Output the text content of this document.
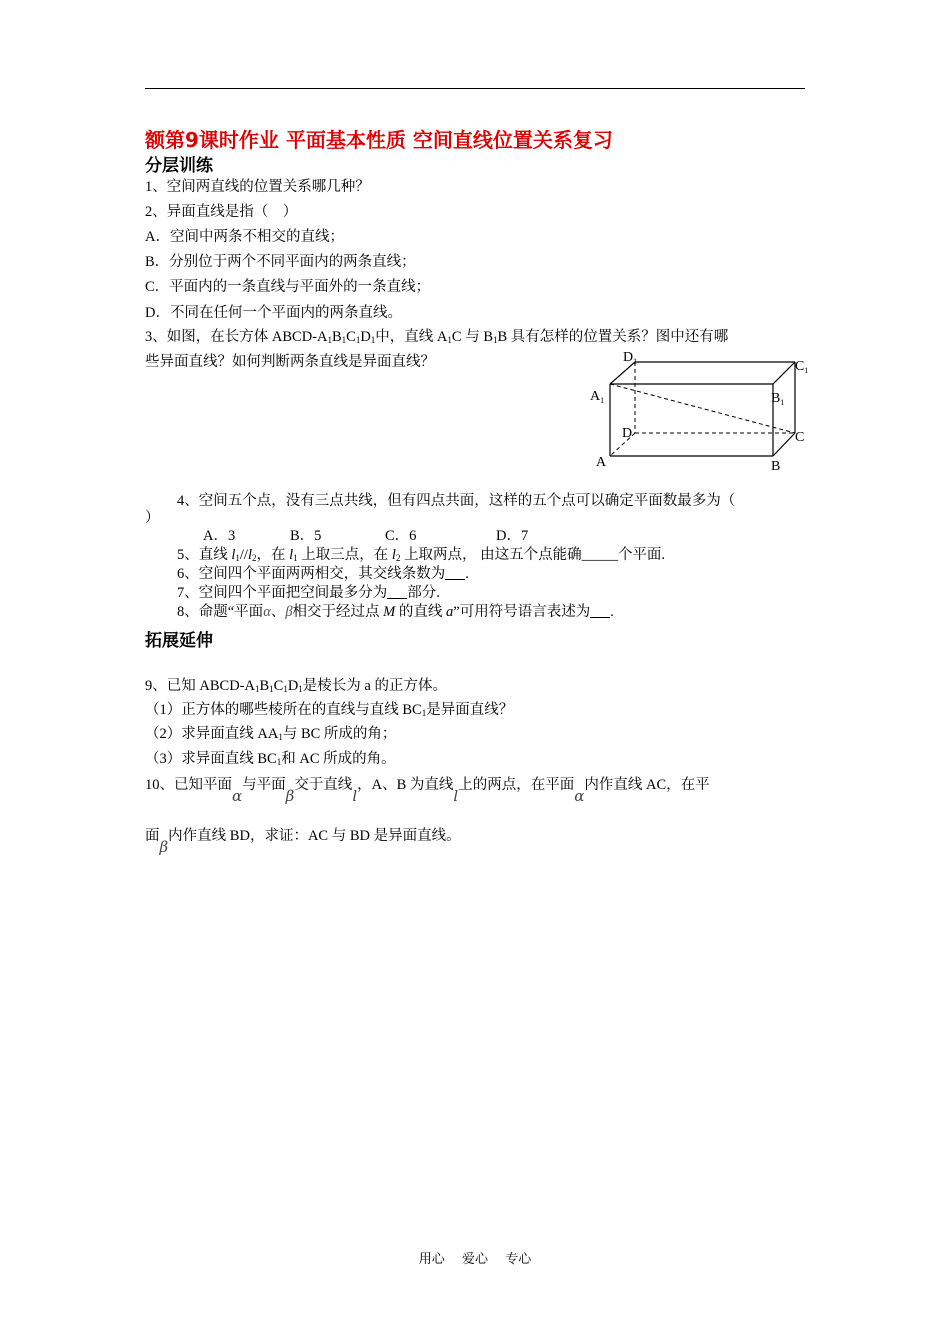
额第9课时作业 平面基本性质 空间直线位置关系复习
分层训练
1、空间两直线的位置关系哪几种？
2、异面直线是指（　）
A．空间中两条不相交的直线；
B．分别位于两个不同平面内的两条直线；
C．平面内的一条直线与平面外的一条直线；
D．不同在任何一个平面内的两条直线。
3、如图，在长方体 ABCD-$A_1B_1C_1D_1$中，直线 $A_1C$ 与 $B_1B$ 具有怎样的位置关系？图中还有哪
些异面直线？如何判断两条直线是异面直线？	$D_1$	$C_1$
$A_1$	$B_1$
D	C
A	B
4、空间五个点，没有三点共线，但有四点共面，这样的五个点可以确定平面数最多为（
）
A．3	B．5	C．6	D．7
5、直线 $l_1//l_2$，在 $l_1$ 上取三点，在 $l_2$ 上取两点， 由这五个点能确_____个平面.
6、空间四个平面两两相交，其交线条数为 .
7、空间四个平面把空间最多分为 部分.
8、命题“平面α、β相交于经过点 M 的直线 a”可用符号语言表述为 .
拓展延伸
9、已知 ABCD-$A_1B_1C_1D_1$是棱长为 a 的正方体。
（1）正方体的哪些棱所在的直线与直线 $BC_1$是异面直线？
（2）求异面直线 $AA_1$与 BC 所成的角；
（3）求异面直线 $BC_1$和 AC 所成的角。
10、已知平面α与平面β交于直线l，A、B 为直线l上的两点，在平面α内作直线 AC，在平
面β内作直线 BD，求证：AC 与 BD 是异面直线。
用心 爱心 专心
